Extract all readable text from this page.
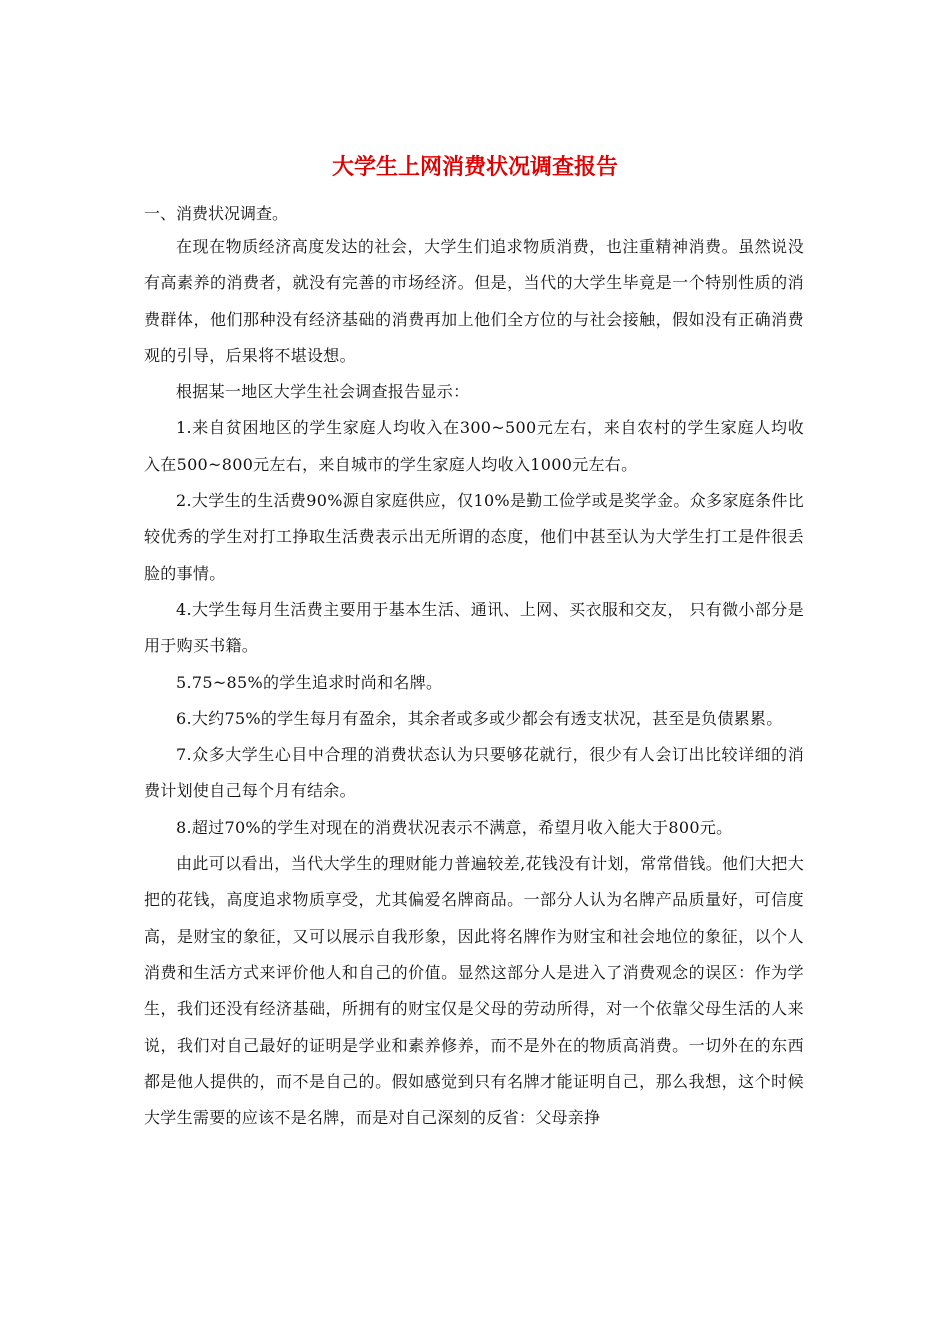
大学生上网消费状况调查报告
一、消费状况调查。

在现在物质经济高度发达的社会，大学生们追求物质消费，也注重精神消费。虽然说没有高素养的消费者，就没有完善的市场经济。但是，当代的大学生毕竟是一个特别性质的消费群体，他们那种没有经济基础的消费再加上他们全方位的与社会接触，假如没有正确消费观的引导，后果将不堪设想。

根据某一地区大学生社会调查报告显示：

1.来自贫困地区的学生家庭人均收入在300~500元左右，来自农村的学生家庭人均收入在500~800元左右，来自城市的学生家庭人均收入1000元左右。

2.大学生的生活费90%源自家庭供应，仅10%是勤工俭学或是奖学金。众多家庭条件比较优秀的学生对打工挣取生活费表示出无所谓的态度，他们中甚至认为大学生打工是件很丢脸的事情。

4.大学生每月生活费主要用于基本生活、通讯、上网、买衣服和交友， 只有微小部分是用于购买书籍。

5.75~85%的学生追求时尚和名牌。

6.大约75%的学生每月有盈余，其余者或多或少都会有透支状况，甚至是负债累累。

7.众多大学生心目中合理的消费状态认为只要够花就行，很少有人会订出比较详细的消费计划使自己每个月有结余。

8.超过70%的学生对现在的消费状况表示不满意，希望月收入能大于800元。

由此可以看出，当代大学生的理财能力普遍较差,花钱没有计划，常常借钱。他们大把大把的花钱，高度追求物质享受，尤其偏爱名牌商品。一部分人认为名牌产品质量好，可信度高，是财宝的象征，又可以展示自我形象，因此将名牌作为财宝和社会地位的象征，以个人消费和生活方式来评价他人和自己的价值。显然这部分人是进入了消费观念的误区：作为学生，我们还没有经济基础，所拥有的财宝仅是父母的劳动所得，对一个依靠父母生活的人来说，我们对自己最好的证明是学业和素养修养，而不是外在的物质高消费。一切外在的东西都是他人提供的，而不是自己的。假如感觉到只有名牌才能证明自己，那么我想，这个时候大学生需要的应该不是名牌，而是对自己深刻的反省：父母亲挣
